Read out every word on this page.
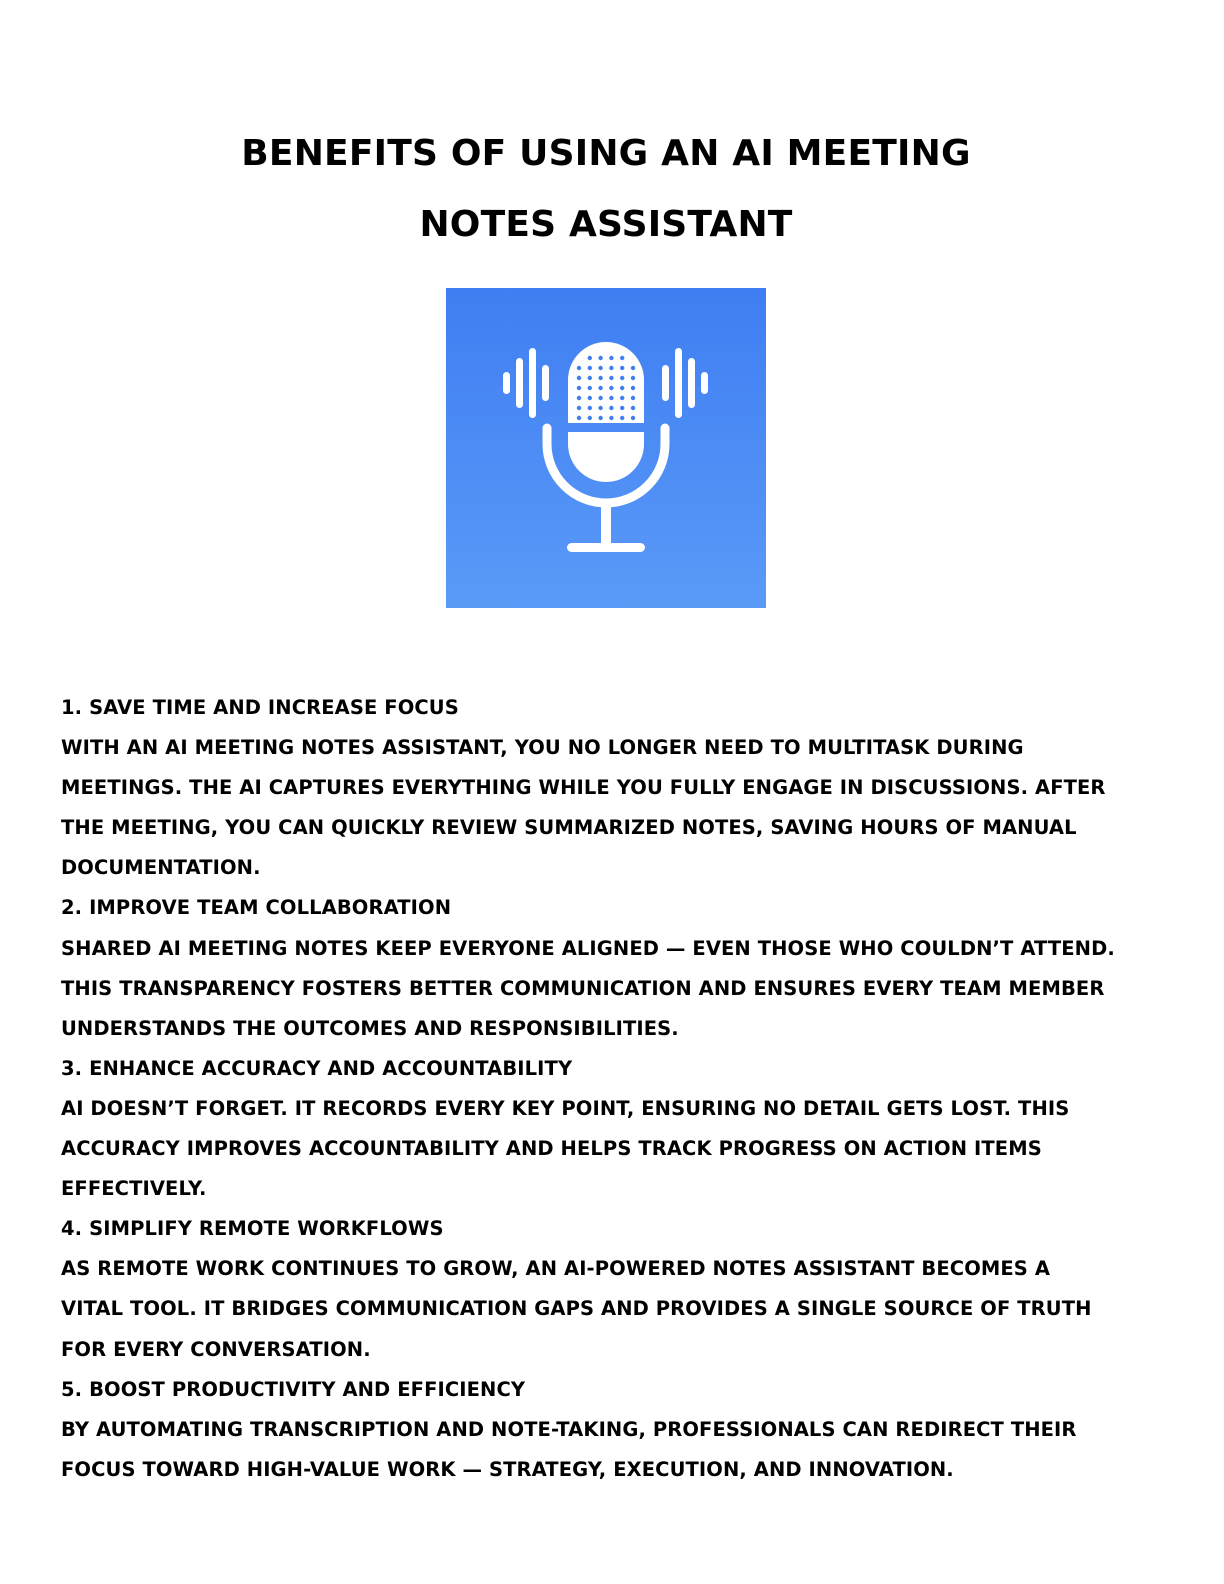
BENEFITS OF USING AN AI MEETING
NOTES ASSISTANT

1. SAVE TIME AND INCREASE FOCUS

WITH AN AI MEETING NOTES ASSISTANT, YOU NO LONGER NEED TO MULTITASK DURING

MEETINGS. THE AI CAPTURES EVERYTHING WHILE YOU FULLY ENGAGE IN DISCUSSIONS. AFTER

THE MEETING, YOU CAN QUICKLY REVIEW SUMMARIZED NOTES, SAVING HOURS OF MANUAL

DOCUMENTATION.

2. IMPROVE TEAM COLLABORATION

SHARED AI MEETING NOTES KEEP EVERYONE ALIGNED — EVEN THOSE WHO COULDN’T ATTEND.

THIS TRANSPARENCY FOSTERS BETTER COMMUNICATION AND ENSURES EVERY TEAM MEMBER

UNDERSTANDS THE OUTCOMES AND RESPONSIBILITIES.

3. ENHANCE ACCURACY AND ACCOUNTABILITY

AI DOESN’T FORGET. IT RECORDS EVERY KEY POINT, ENSURING NO DETAIL GETS LOST. THIS

ACCURACY IMPROVES ACCOUNTABILITY AND HELPS TRACK PROGRESS ON ACTION ITEMS

EFFECTIVELY.

4. SIMPLIFY REMOTE WORKFLOWS

AS REMOTE WORK CONTINUES TO GROW, AN AI-POWERED NOTES ASSISTANT BECOMES A

VITAL TOOL. IT BRIDGES COMMUNICATION GAPS AND PROVIDES A SINGLE SOURCE OF TRUTH

FOR EVERY CONVERSATION.

5. BOOST PRODUCTIVITY AND EFFICIENCY

BY AUTOMATING TRANSCRIPTION AND NOTE-TAKING, PROFESSIONALS CAN REDIRECT THEIR

FOCUS TOWARD HIGH-VALUE WORK — STRATEGY, EXECUTION, AND INNOVATION.
